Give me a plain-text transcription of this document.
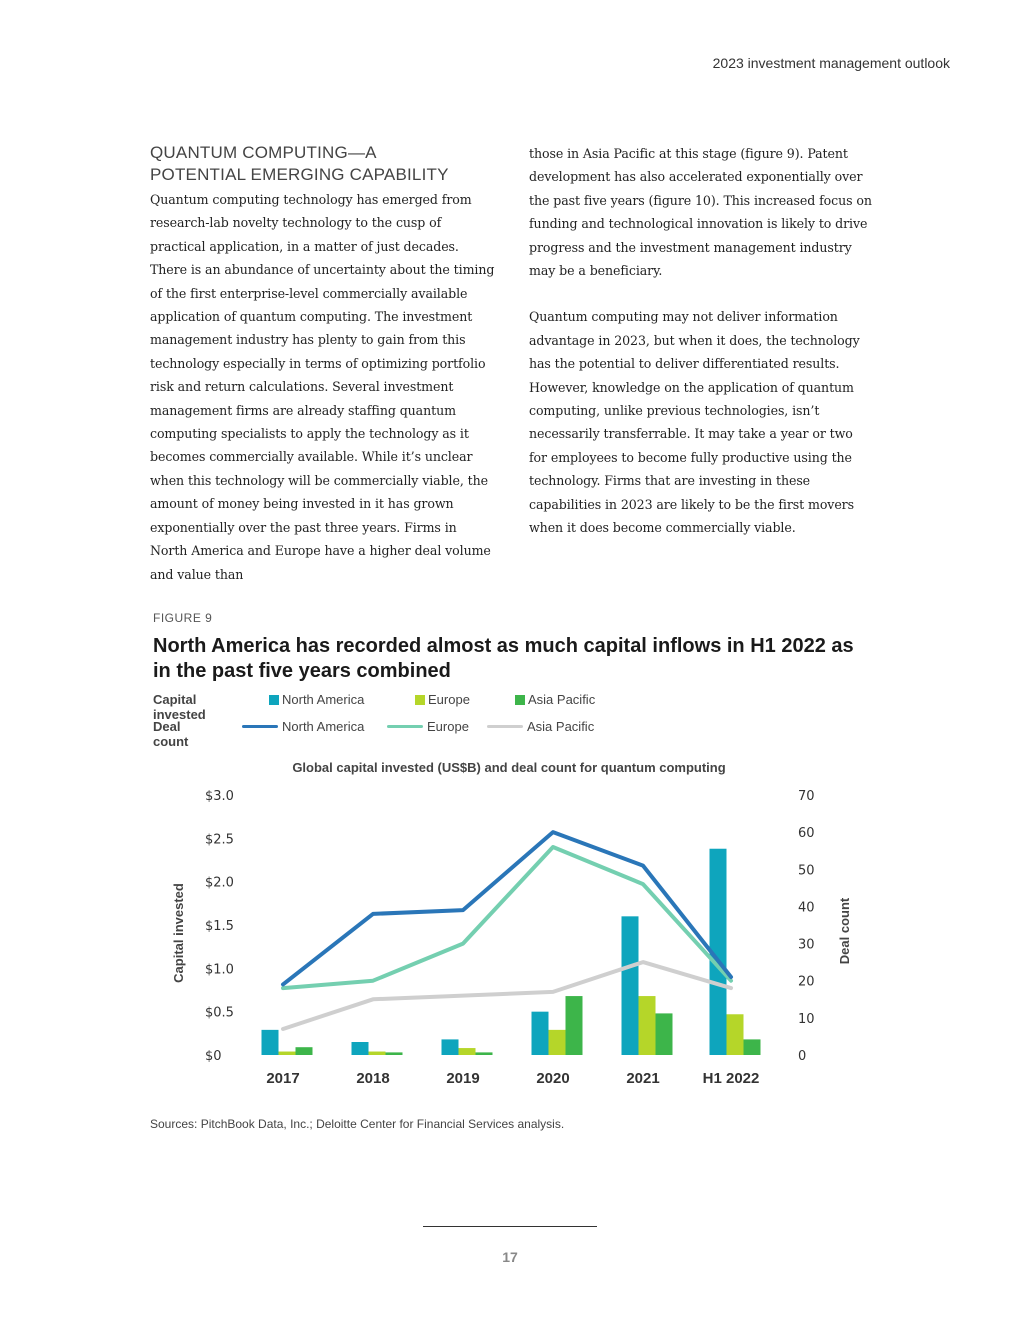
2023 investment management outlook
QUANTUM COMPUTING—A
POTENTIAL EMERGING CAPABILITY

Quantum computing technology has emerged from research-lab novelty technology to the cusp of practical application, in a matter of just decades. There is an abundance of uncertainty about the timing of the first enterprise-level commercially available application of quantum computing. The investment management industry has plenty to gain from this technology especially in terms of optimizing portfolio risk and return calculations. Several investment management firms are already staffing quantum computing specialists to apply the technology as it becomes commercially available. While it’s unclear when this technology will be commercially viable, the amount of money being invested in it has grown exponentially over the past three years. Firms in North America and Europe have a higher deal volume and value than

those in Asia Pacific at this stage (figure 9). Patent development has also accelerated exponentially over the past five years (figure 10). This increased focus on funding and technological innovation is likely to drive progress and the investment management industry may be a beneficiary.

Quantum computing may not deliver information advantage in 2023, but when it does, the technology has the potential to deliver differentiated results. However, knowledge on the application of quantum computing, unlike previous technologies, isn’t necessarily transferrable. It may take a year or two for employees to become fully productive using the technology. Firms that are investing in these capabilities in 2023 are likely to be the first movers when it does become commercially viable.

FIGURE 9
North America has recorded almost as much capital inflows in H1 2022 as in the past five years combined
Capital invested
North America	Europe	Asia Pacific
Deal count
North America	Europe	Asia Pacific
Global capital invested (US$B) and deal count for quantum computing
$0
$0.5
$1.0
$1.5
$2.0
$2.5
$3.0
0
10
20
30
40
50
60
70
Capital invested	Deal count
2017	2018	2019	2020	2021	H1 2022
Sources: PitchBook Data, Inc.; Deloitte Center for Financial Services analysis.
17
